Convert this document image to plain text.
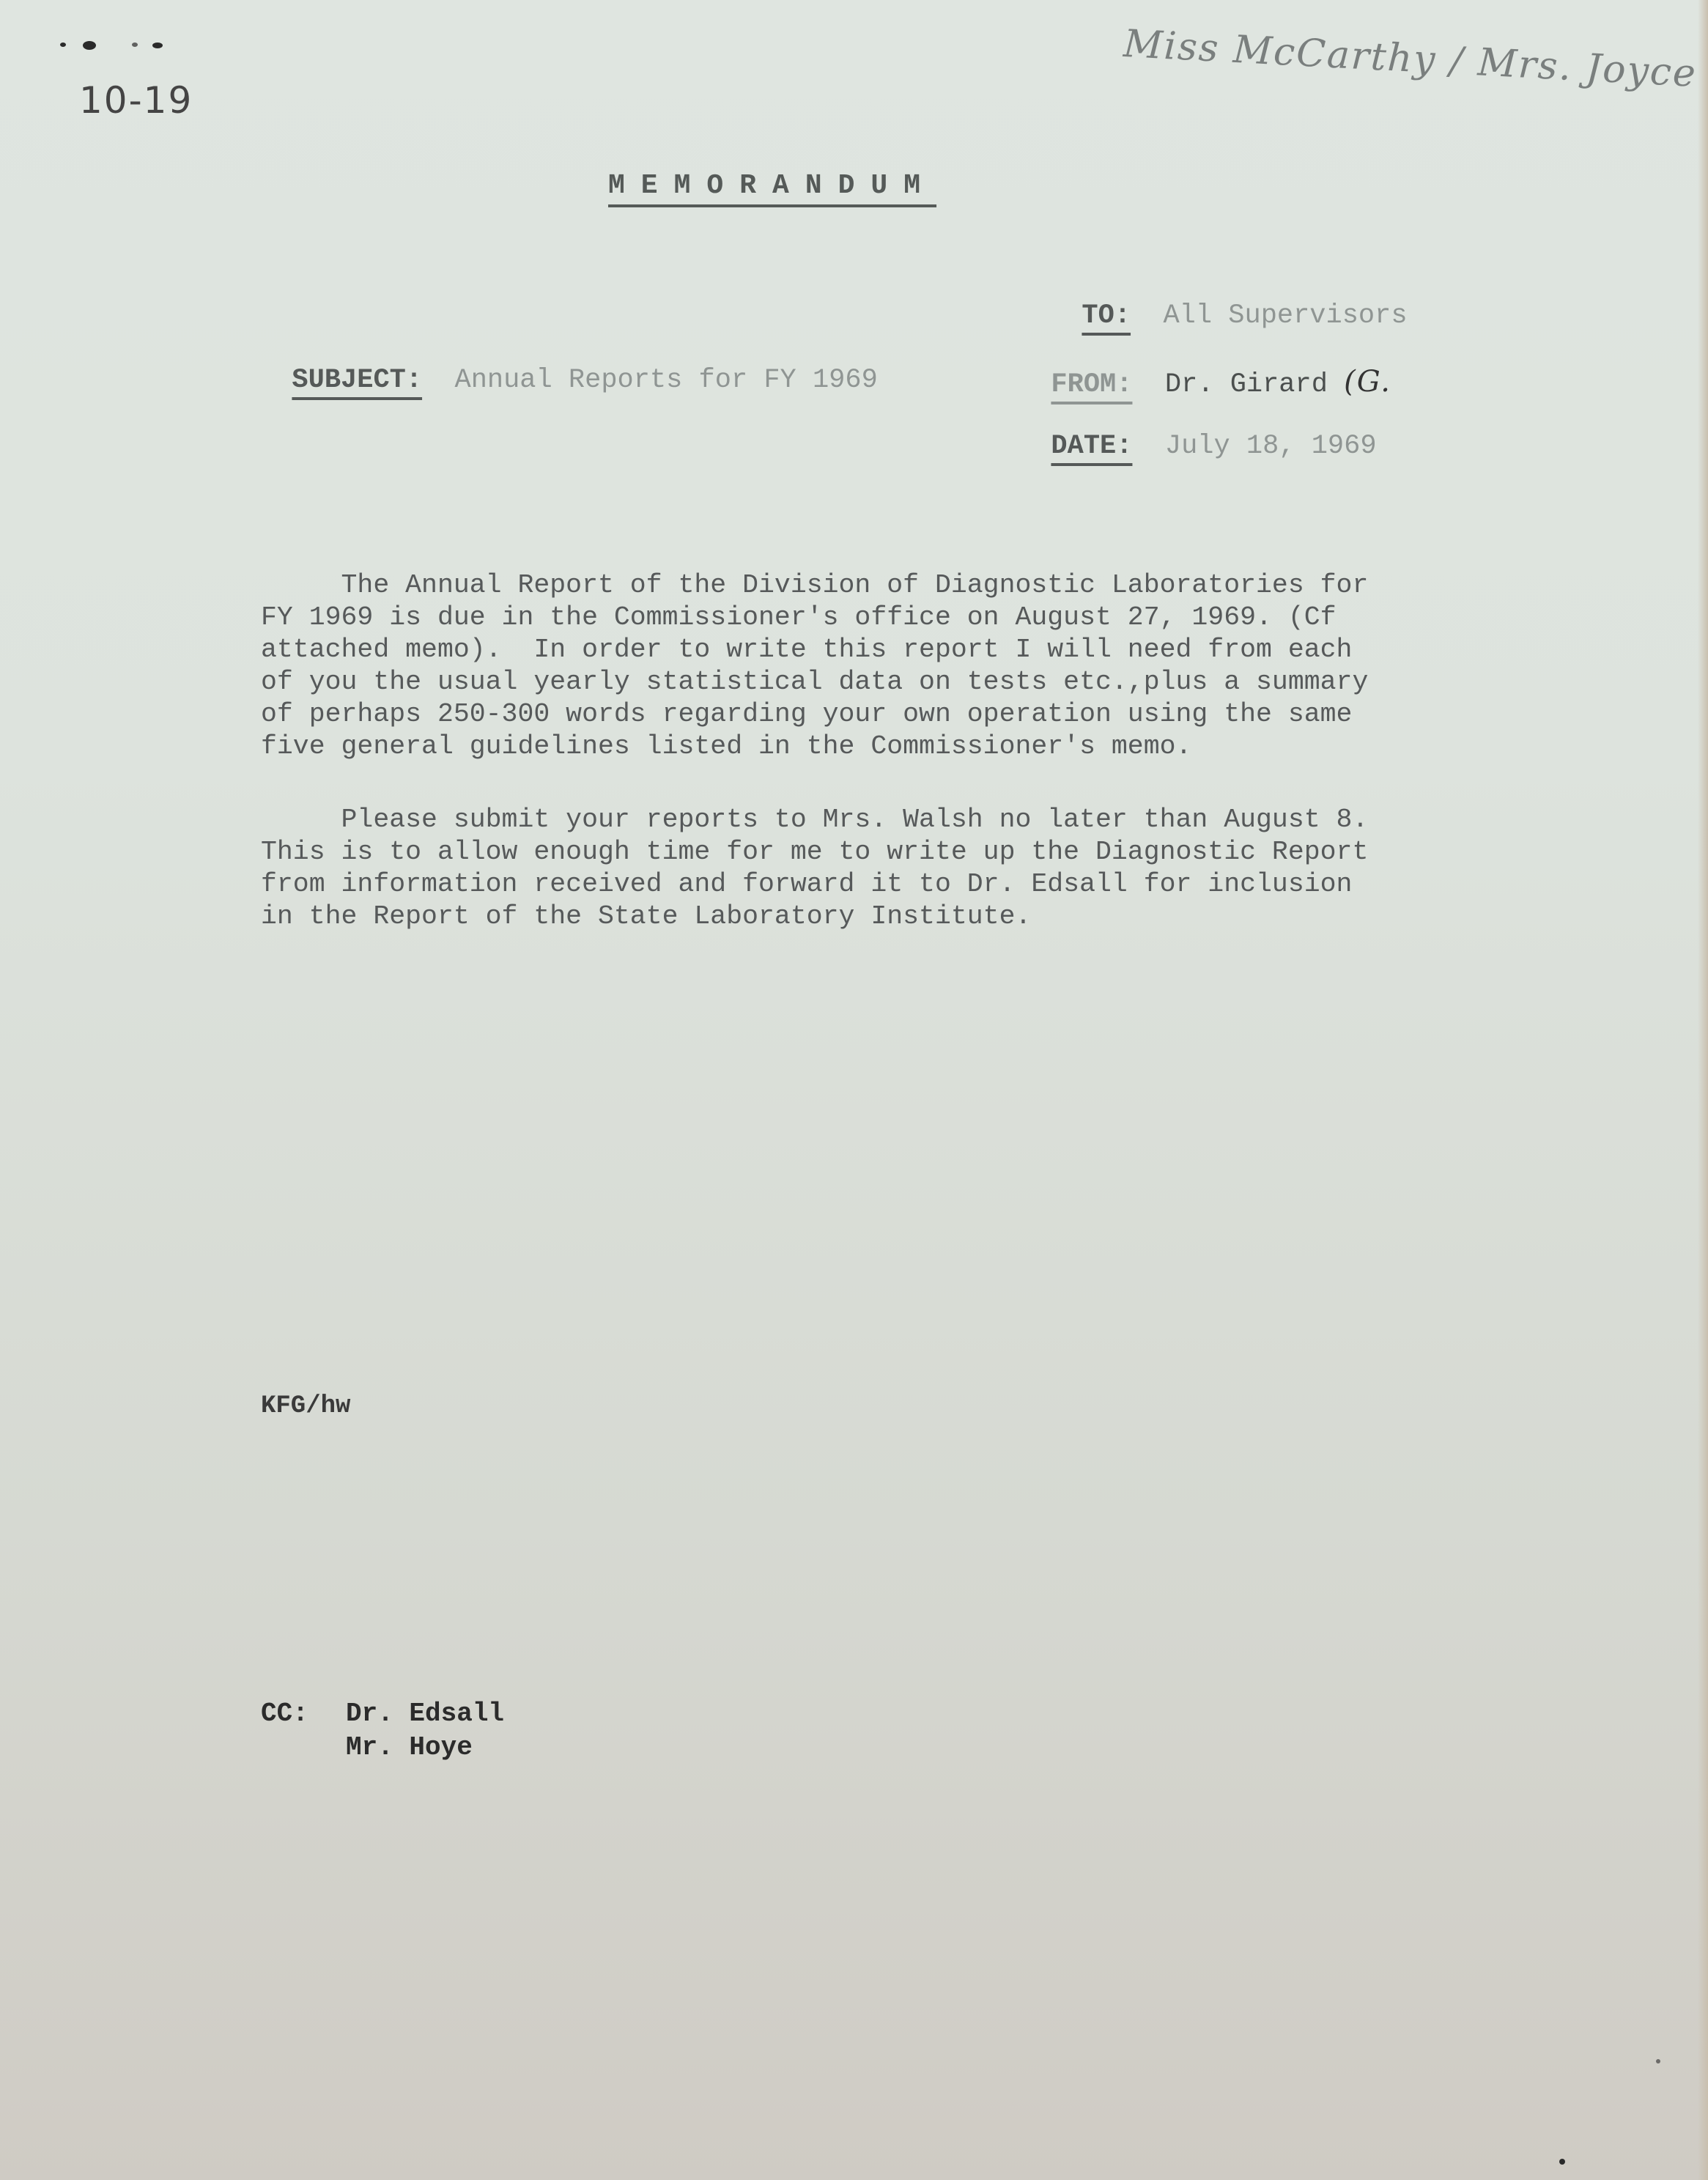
10-19
Miss McCarthy / Mrs. Joyce
MEMORANDUM

TO: All Supervisors

SUBJECT: Annual Reports for FY 1969	FROM: Dr. Girard (G.

DATE: July 18, 1969

The Annual Report of the Division of Diagnostic Laboratories for
FY 1969 is due in the Commissioner's office on August 27, 1969. (Cf
attached memo).  In order to write this report I will need from each
of you the usual yearly statistical data on tests etc.,plus a summary
of perhaps 250-300 words regarding your own operation using the same
five general guidelines listed in the Commissioner's memo.
Please submit your reports to Mrs. Walsh no later than August 8.
This is to allow enough time for me to write up the Diagnostic Report
from information received and forward it to Dr. Edsall for inclusion
in the Report of the State Laboratory Institute.
KFG/hw
CC: Dr. Edsall
Mr. Hoye
